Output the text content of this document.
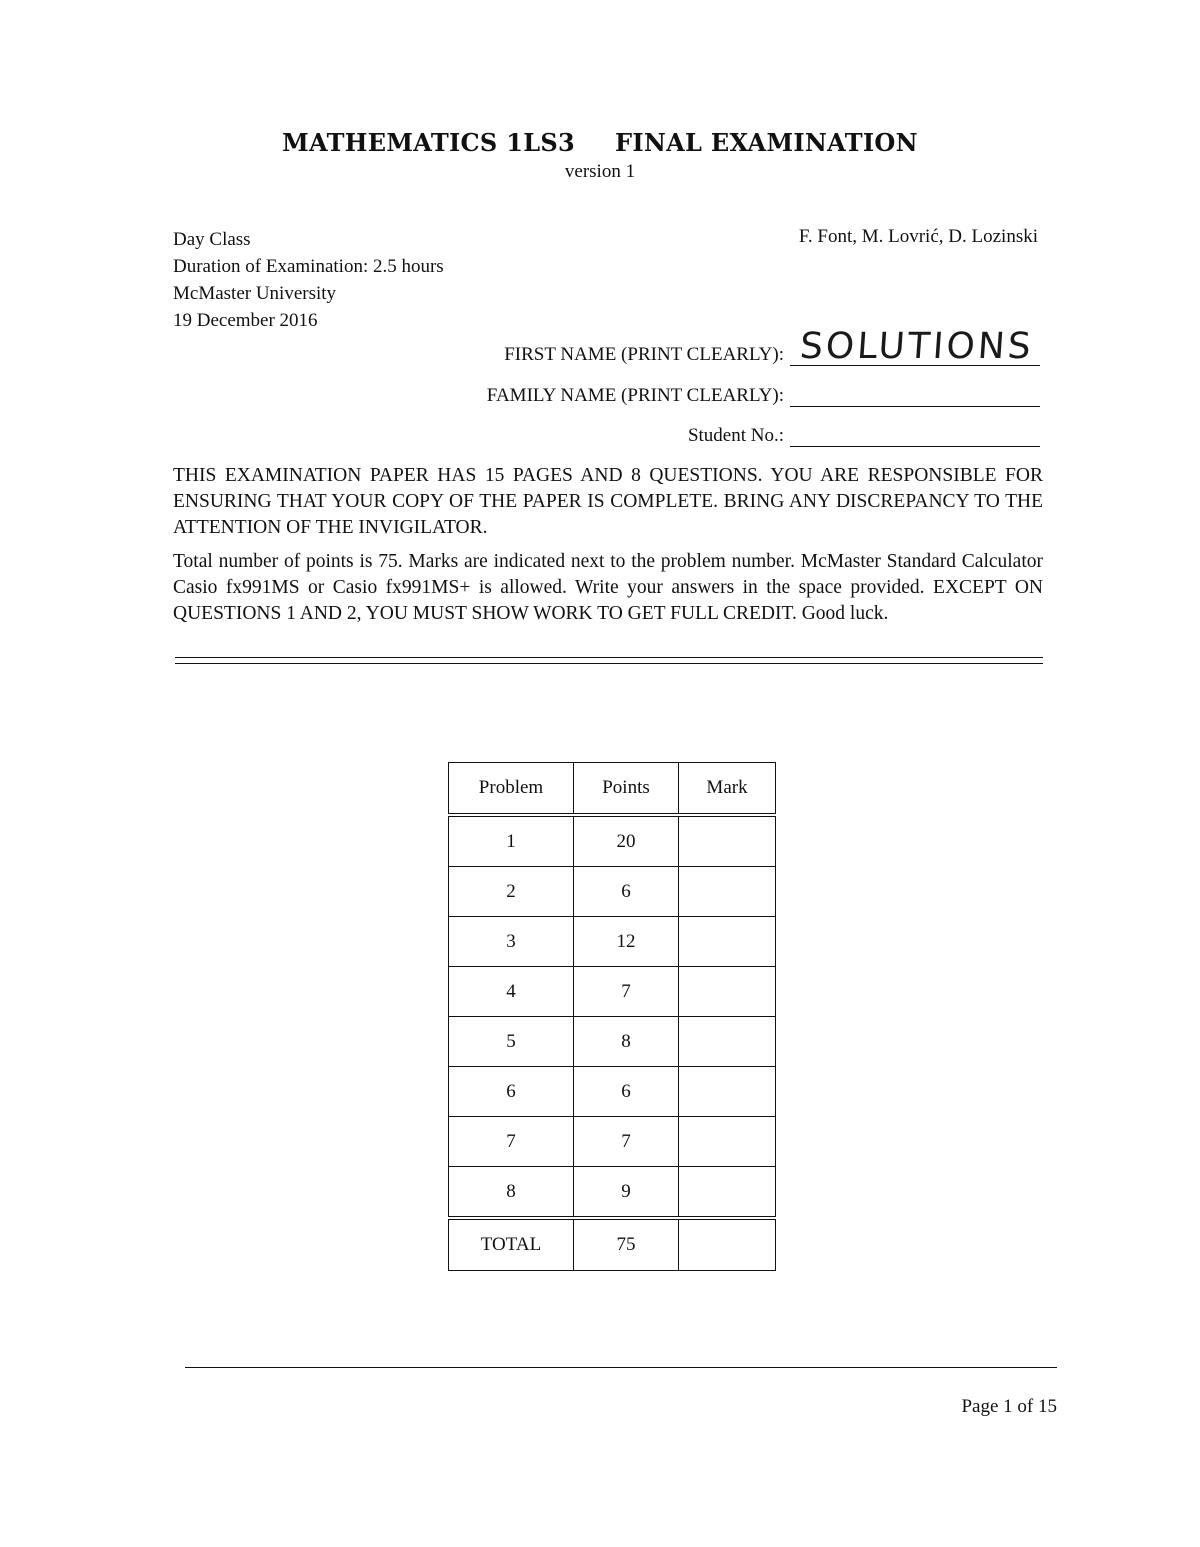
MATHEMATICS 1LS3 FINAL EXAMINATION
version 1
Day Class
Duration of Examination: 2.5 hours
McMaster University
19 December 2016
F. Font, M. Lovrić, D. Lozinski
FIRST NAME (PRINT CLEARLY): SOLUTIONS
FAMILY NAME (PRINT CLEARLY):
Student No.:
THIS EXAMINATION PAPER HAS 15 PAGES AND 8 QUESTIONS. YOU ARE RESPONSIBLE FOR ENSURING THAT YOUR COPY OF THE PAPER IS COMPLETE. BRING ANY DISCREPANCY TO THE ATTENTION OF THE INVIGILATOR.
Total number of points is 75. Marks are indicated next to the problem number. McMaster Standard Calculator Casio fx991MS or Casio fx991MS+ is allowed. Write your answers in the space provided. EXCEPT ON QUESTIONS 1 AND 2, YOU MUST SHOW WORK TO GET FULL CREDIT. Good luck.
Problem	Points	Mark
1	20	
2	6	
3	12	
4	7	
5	8	
6	6	
7	7	
8	9	
TOTAL	75	
Page 1 of 15
